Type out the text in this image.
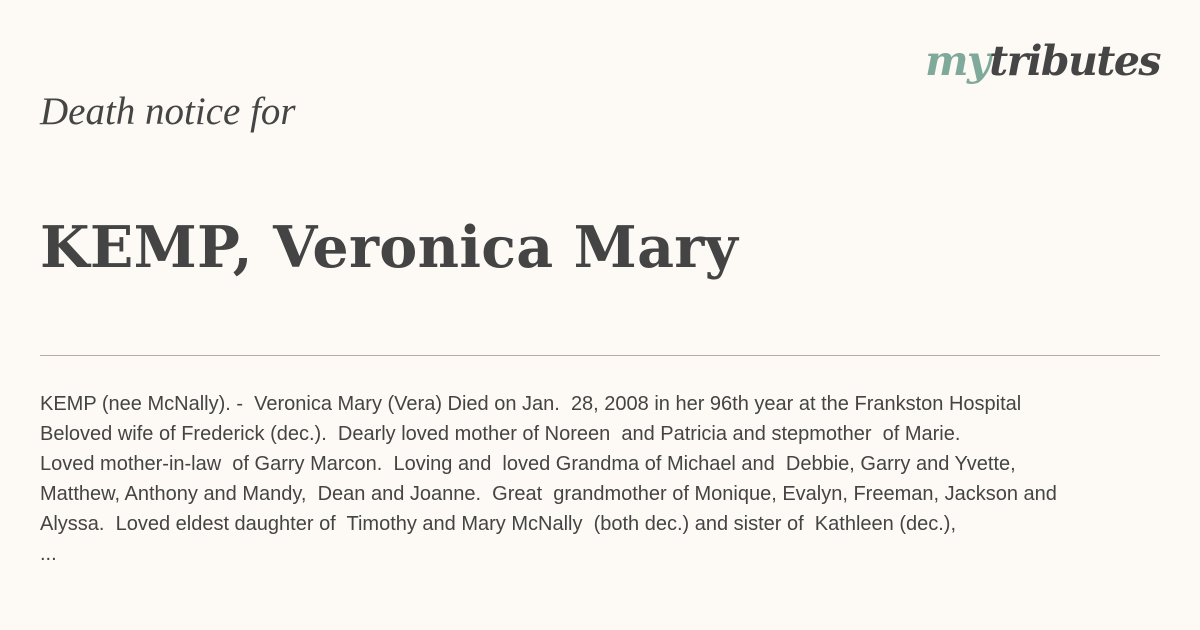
mytributes
Death notice for
KEMP, Veronica Mary
KEMP (nee McNally). -  Veronica Mary (Vera) Died on Jan.  28, 2008 in her 96th year at the Frankston Hospital
Beloved wife of Frederick (dec.).  Dearly loved mother of Noreen  and Patricia and stepmother  of Marie.
Loved mother-in-law  of Garry Marcon.  Loving and  loved Grandma of Michael and  Debbie, Garry and Yvette,
Matthew, Anthony and Mandy,  Dean and Joanne.  Great  grandmother of Monique, Evalyn, Freeman, Jackson and
Alyssa.  Loved eldest daughter of  Timothy and Mary McNally  (both dec.) and sister of  Kathleen (dec.),
...
